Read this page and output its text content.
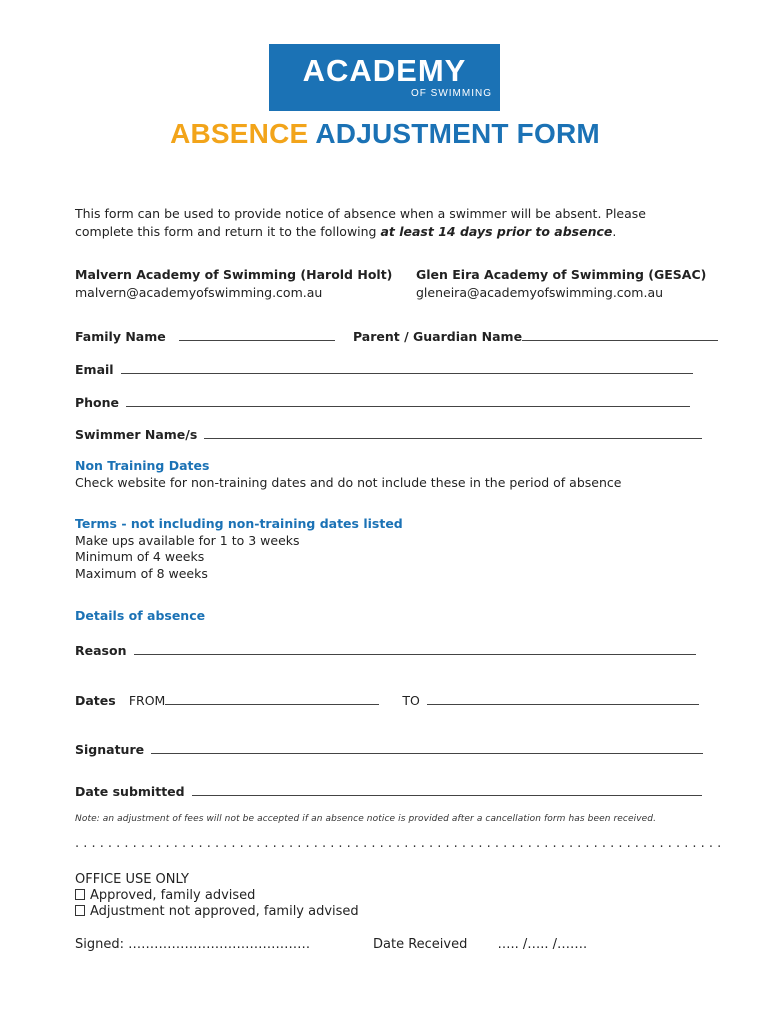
ACADEMY
OF SWIMMING
ABSENCE ADJUSTMENT FORM
This form can be used to provide notice of absence when a swimmer will be absent. Please
complete this form and return it to the following at least 14 days prior to absence.
Malvern Academy of Swimming (Harold Holt)
malvern@academyofswimming.com.au
Glen Eira Academy of Swimming (GESAC)
gleneira@academyofswimming.com.au
Family Name	Parent / Guardian Name
Email
Phone
Swimmer Name/s
Non Training Dates
Check website for non-training dates and do not include these in the period of absence
Terms - not including non-training dates listed
Make ups available for 1 to 3 weeks
Minimum of 4 weeks
Maximum of 8 weeks
Details of absence
Reason
Dates FROM	TO
Signature
Date submitted
Note: an adjustment of fees will not be accepted if an absence notice is provided after a cancellation form has been received.
...............................................................................
OFFICE USE ONLY
Approved, family advised
Adjustment not approved, family advised
Signed: ……………………………………	Date Received ….. /….. /…….
